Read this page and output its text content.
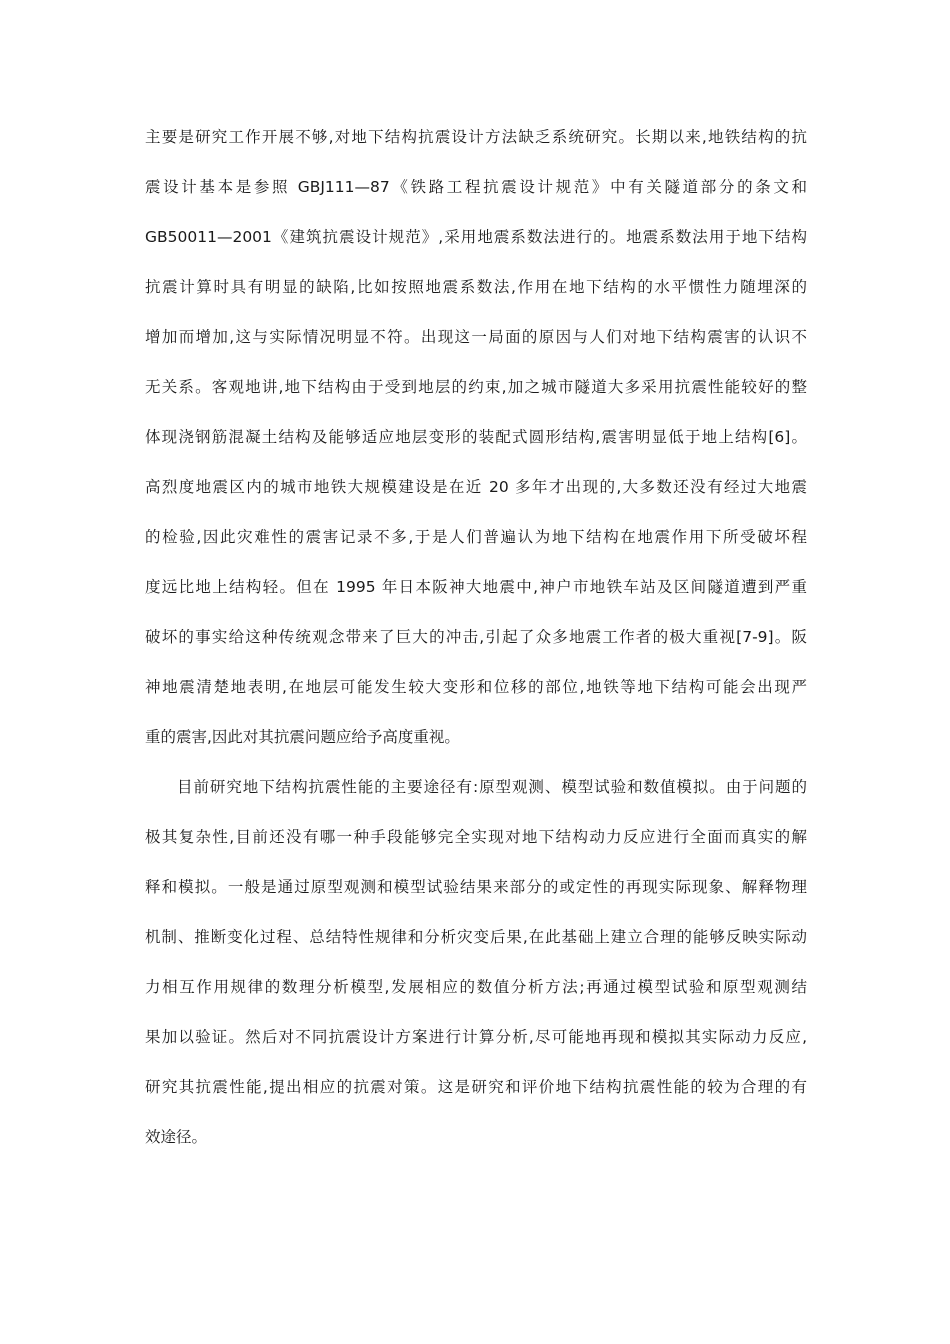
主要是研究工作开展不够,对地下结构抗震设计方法缺乏系统研究。长期以来,地铁结构的抗
震设计基本是参照 GBJ111—87《铁路工程抗震设计规范》中有关隧道部分的条文和
GB50011—2001《建筑抗震设计规范》,采用地震系数法进行的。地震系数法用于地下结构
抗震计算时具有明显的缺陷,比如按照地震系数法,作用在地下结构的水平惯性力随埋深的
增加而增加,这与实际情况明显不符。出现这一局面的原因与人们对地下结构震害的认识不
无关系。客观地讲,地下结构由于受到地层的约束,加之城市隧道大多采用抗震性能较好的整
体现浇钢筋混凝土结构及能够适应地层变形的装配式圆形结构,震害明显低于地上结构[6]。
高烈度地震区内的城市地铁大规模建设是在近 20 多年才出现的,大多数还没有经过大地震
的检验,因此灾难性的震害记录不多,于是人们普遍认为地下结构在地震作用下所受破坏程
度远比地上结构轻。但在 1995 年日本阪神大地震中,神户市地铁车站及区间隧道遭到严重
破坏的事实给这种传统观念带来了巨大的冲击,引起了众多地震工作者的极大重视[7-9]。阪
神地震清楚地表明,在地层可能发生较大变形和位移的部位,地铁等地下结构可能会出现严
重的震害,因此对其抗震问题应给予高度重视。
目前研究地下结构抗震性能的主要途径有:原型观测、模型试验和数值模拟。由于问题的
极其复杂性,目前还没有哪一种手段能够完全实现对地下结构动力反应进行全面而真实的解
释和模拟。一般是通过原型观测和模型试验结果来部分的或定性的再现实际现象、解释物理
机制、推断变化过程、总结特性规律和分析灾变后果,在此基础上建立合理的能够反映实际动
力相互作用规律的数理分析模型,发展相应的数值分析方法;再通过模型试验和原型观测结
果加以验证。然后对不同抗震设计方案进行计算分析,尽可能地再现和模拟其实际动力反应,
研究其抗震性能,提出相应的抗震对策。这是研究和评价地下结构抗震性能的较为合理的有
效途径。
